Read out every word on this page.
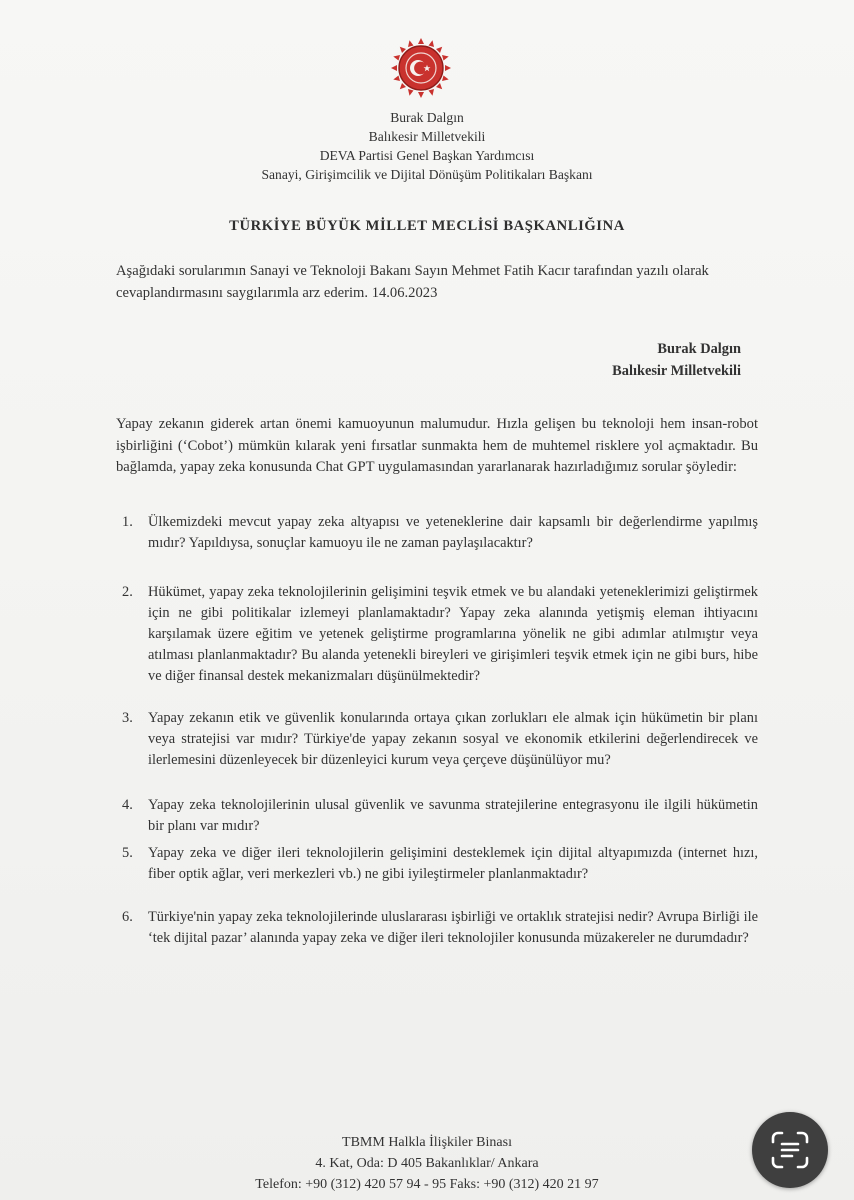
Burak Dalgın
Balıkesir Milletvekili
DEVA Partisi Genel Başkan Yardımcısı
Sanayi, Girişimcilik ve Dijital Dönüşüm Politikaları Başkanı
TÜRKİYE BÜYÜK MİLLET MECLİSİ BAŞKANLIĞINA
Aşağıdaki sorularımın Sanayi ve Teknoloji Bakanı Sayın Mehmet Fatih Kacır tarafından yazılı olarak cevaplandırmasını saygılarımla arz ederim. 14.06.2023
Burak Dalgın
Balıkesir Milletvekili
Yapay zekanın giderek artan önemi kamuoyunun malumudur. Hızla gelişen bu teknoloji hem insan-robot işbirliğini (‘Cobot’) mümkün kılarak yeni fırsatlar sunmakta hem de muhtemel risklere yol açmaktadır. Bu bağlamda, yapay zeka konusunda Chat GPT uygulamasından yararlanarak hazırladığımız sorular şöyledir:
1.	Ülkemizdeki mevcut yapay zeka altyapısı ve yeteneklerine dair kapsamlı bir değerlendirme yapılmış mıdır? Yapıldıysa, sonuçlar kamuoyu ile ne zaman paylaşılacaktır?
2.	Hükümet, yapay zeka teknolojilerinin gelişimini teşvik etmek ve bu alandaki yeteneklerimizi geliştirmek için ne gibi politikalar izlemeyi planlamaktadır? Yapay zeka alanında yetişmiş eleman ihtiyacını karşılamak üzere eğitim ve yetenek geliştirme programlarına yönelik ne gibi adımlar atılmıştır veya atılması planlanmaktadır? Bu alanda yetenekli bireyleri ve girişimleri teşvik etmek için ne gibi burs, hibe ve diğer finansal destek mekanizmaları düşünülmektedir?
3.	Yapay zekanın etik ve güvenlik konularında ortaya çıkan zorlukları ele almak için hükümetin bir planı veya stratejisi var mıdır? Türkiye'de yapay zekanın sosyal ve ekonomik etkilerini değerlendirecek ve ilerlemesini düzenleyecek bir düzenleyici kurum veya çerçeve düşünülüyor mu?
4.	Yapay zeka teknolojilerinin ulusal güvenlik ve savunma stratejilerine entegrasyonu ile ilgili hükümetin bir planı var mıdır?
5.	Yapay zeka ve diğer ileri teknolojilerin gelişimini desteklemek için dijital altyapımızda (internet hızı, fiber optik ağlar, veri merkezleri vb.) ne gibi iyileştirmeler planlanmaktadır?
6.	Türkiye'nin yapay zeka teknolojilerinde uluslararası işbirliği ve ortaklık stratejisi nedir? Avrupa Birliği ile ‘tek dijital pazar’ alanında yapay zeka ve diğer ileri teknolojiler konusunda müzakereler ne durumdadır?
TBMM Halkla İlişkiler Binası
4. Kat, Oda: D 405 Bakanlıklar/ Ankara
Telefon: +90 (312) 420 57 94 - 95 Faks: +90 (312) 420 21 97
